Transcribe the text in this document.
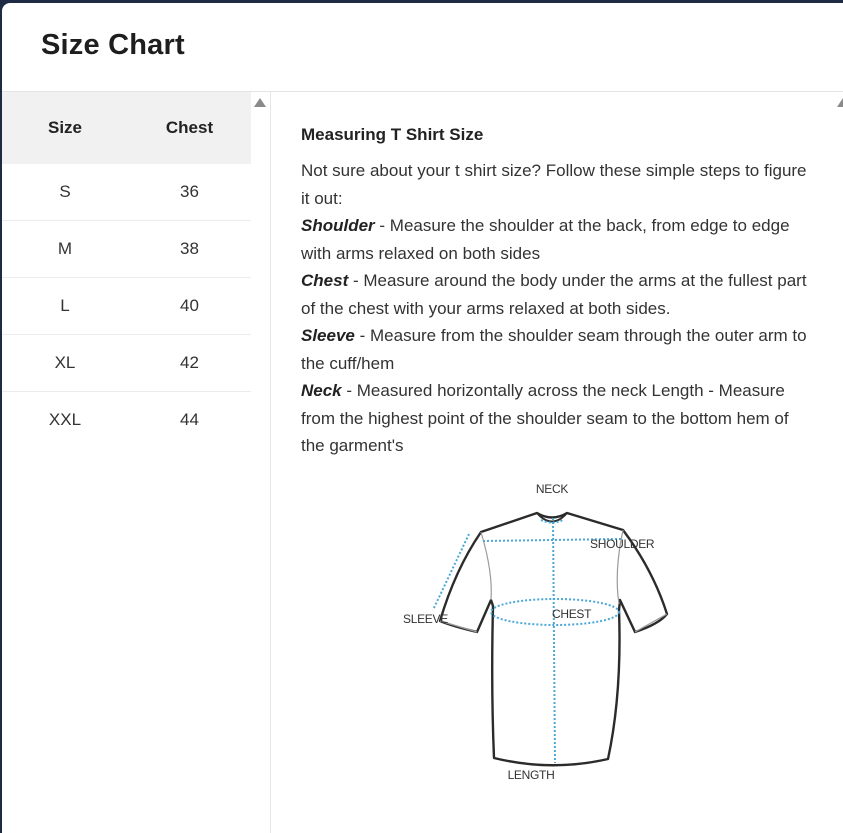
Size Chart
Size	Chest
S	36
M	38
L	40
XL	42
XXL	44
Measuring T Shirt Size

Not sure about your t shirt size? Follow these simple steps to figure it out:

Shoulder - Measure the shoulder at the back, from edge to edge with arms relaxed on both sides

Chest - Measure around the body under the arms at the fullest part of the chest with your arms relaxed at both sides.

Sleeve - Measure from the shoulder seam through the outer arm to the cuff/hem

Neck - Measured horizontally across the neck Length - Measure from the highest point of the shoulder seam to the bottom hem of the garment's

NECK
SHOULDER
CHEST
SLEEVE
LENGTH
